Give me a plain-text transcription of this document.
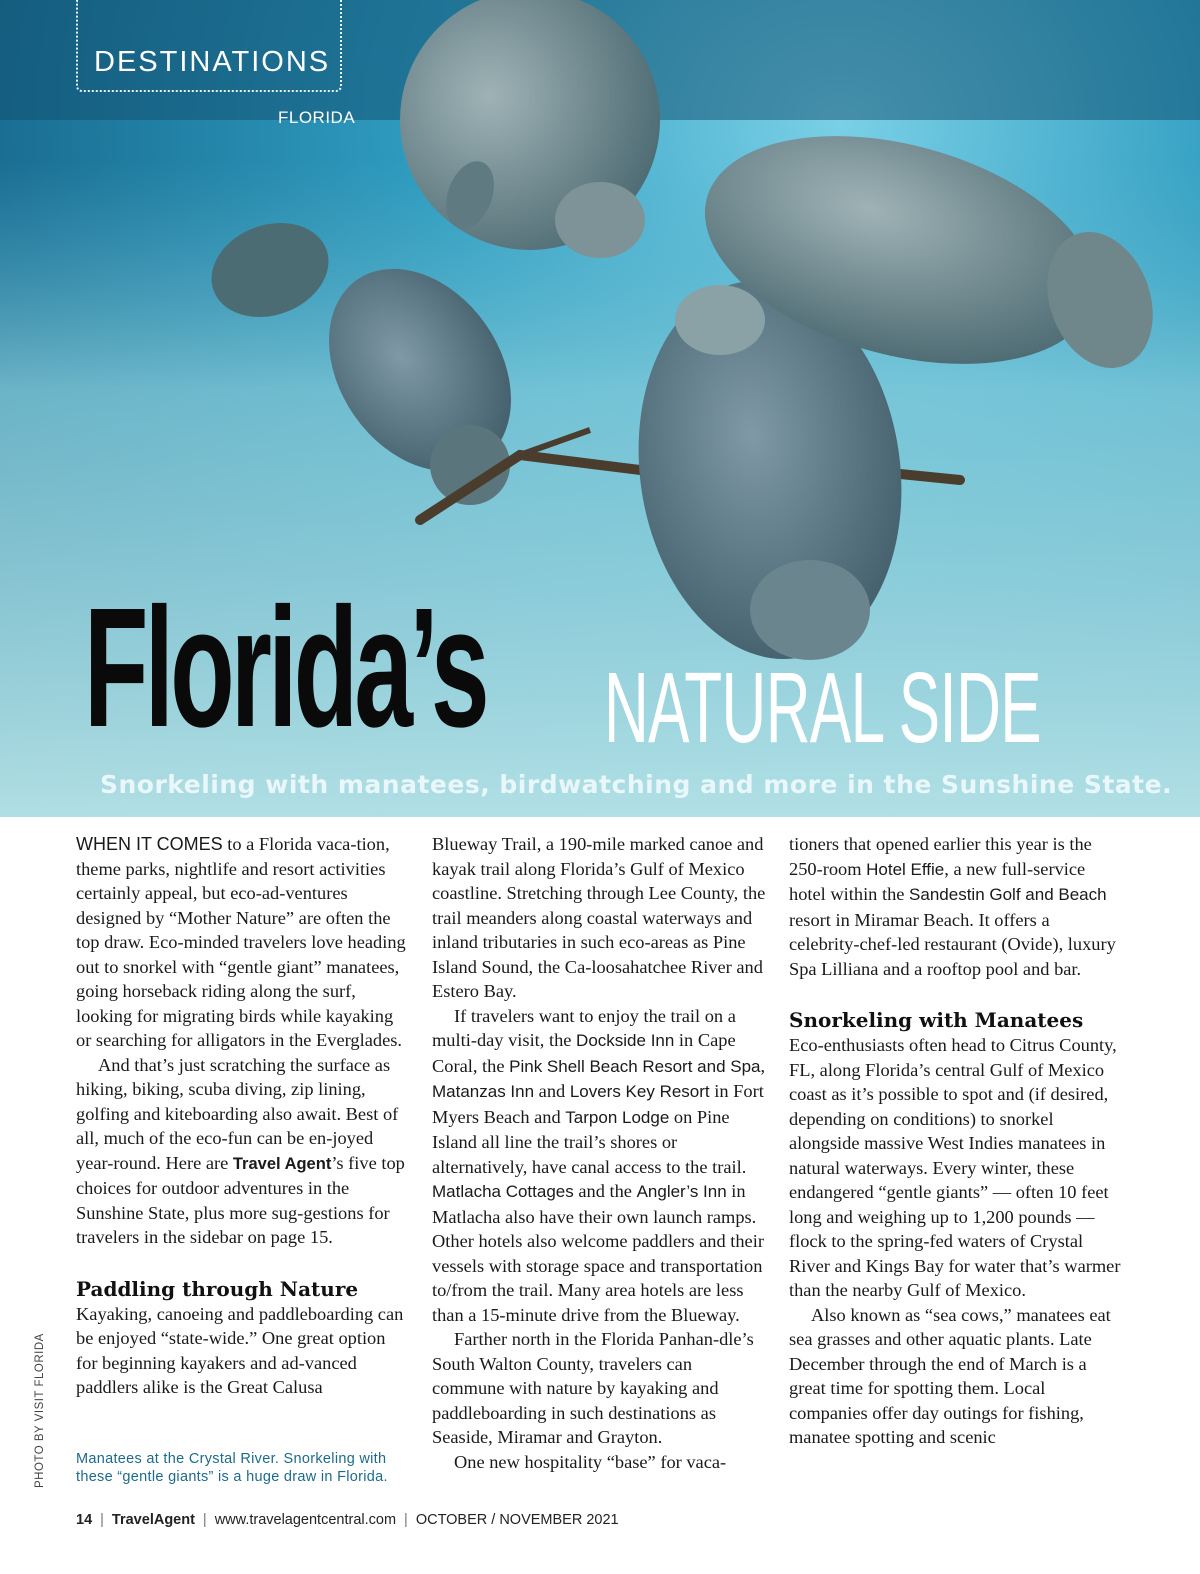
DESTINATIONS
FLORIDA
Florida’s NATURAL SIDE
Snorkeling with manatees, birdwatching and more in the Sunshine State.

WHEN IT COMES to a Florida vaca-tion, theme parks, nightlife and resort activities certainly appeal, but eco-ad-ventures designed by “Mother Nature” are often the top draw. Eco-minded travelers love heading out to snorkel with “gentle giant” manatees, going horseback riding along the surf, looking for migrating birds while kayaking or searching for alligators in the Everglades.

And that’s just scratching the surface as hiking, biking, scuba diving, zip lining, golfing and kiteboarding also await. Best of all, much of the eco-fun can be en-joyed year-round. Here are Travel Agent’s five top choices for outdoor adventures in the Sunshine State, plus more sug-gestions for travelers in the sidebar on page 15.

Paddling through Nature

Kayaking, canoeing and paddleboarding can be enjoyed “state-wide.” One great option for beginning kayakers and ad-vanced paddlers alike is the Great Calusa

Blueway Trail, a 190-mile marked canoe and kayak trail along Florida’s Gulf of Mexico coastline. Stretching through Lee County, the trail meanders along coastal waterways and inland tributaries in such eco-areas as Pine Island Sound, the Ca-loosahatchee River and Estero Bay.

If travelers want to enjoy the trail on a multi-day visit, the Dockside Inn in Cape Coral, the Pink Shell Beach Resort and Spa, Matanzas Inn and Lovers Key Resort in Fort Myers Beach and Tarpon Lodge on Pine Island all line the trail’s shores or alternatively, have canal access to the trail. Matlacha Cottages and the Angler’s Inn in Matlacha also have their own launch ramps. Other hotels also welcome paddlers and their vessels with storage space and transportation to/from the trail. Many area hotels are less than a 15-minute drive from the Blueway.

Farther north in the Florida Panhan-dle’s South Walton County, travelers can commune with nature by kayaking and paddleboarding in such destinations as Seaside, Miramar and Grayton.

One new hospitality “base” for vaca-

tioners that opened earlier this year is the 250-room Hotel Effie, a new full-service hotel within the Sandestin Golf and Beach resort in Miramar Beach. It offers a celebrity-chef-led restaurant (Ovide), luxury Spa Lilliana and a rooftop pool and bar.

Snorkeling with Manatees

Eco-enthusiasts often head to Citrus County, FL, along Florida’s central Gulf of Mexico coast as it’s possible to spot and (if desired, depending on conditions) to snorkel alongside massive West Indies manatees in natural waterways. Every winter, these endangered “gentle giants” — often 10 feet long and weighing up to 1,200 pounds — flock to the spring-fed waters of Crystal River and Kings Bay for water that’s warmer than the nearby Gulf of Mexico.

Also known as “sea cows,” manatees eat sea grasses and other aquatic plants. Late December through the end of March is a great time for spotting them. Local companies offer day outings for fishing, manatee spotting and scenic

Manatees at the Crystal River. Snorkeling with these “gentle giants” is a huge draw in Florida.
PHOTO BY VISIT FLORIDA
14 | TravelAgent | www.travelagentcentral.com | OCTOBER / NOVEMBER 2021
